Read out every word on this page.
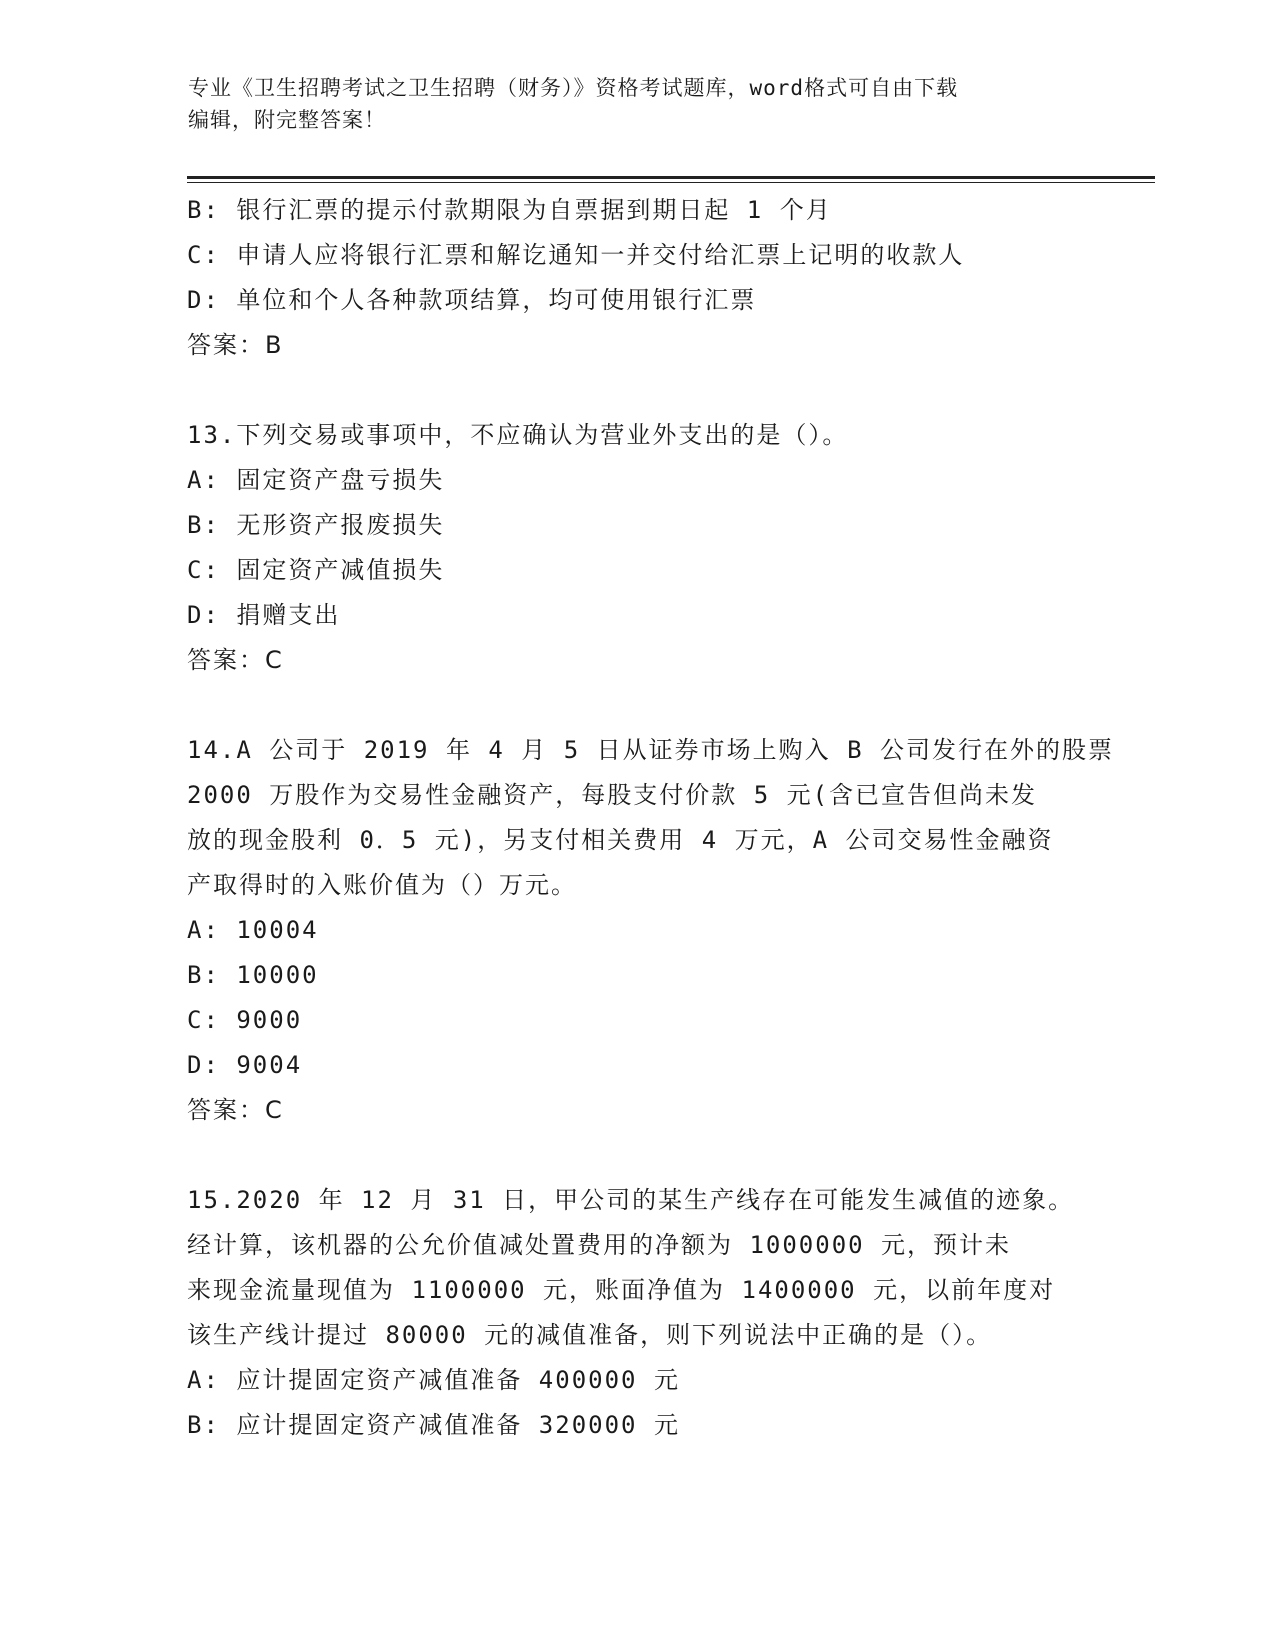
专业《卫生招聘考试之卫生招聘（财务）》资格考试题库，word格式可自由下载
编辑，附完整答案！
B: 银行汇票的提示付款期限为自票据到期日起 1 个月
C: 申请人应将银行汇票和解讫通知一并交付给汇票上记明的收款人
D: 单位和个人各种款项结算，均可使用银行汇票
答案：B
13.下列交易或事项中，不应确认为营业外支出的是（）。
A: 固定资产盘亏损失
B: 无形资产报废损失
C: 固定资产减值损失
D: 捐赠支出
答案：C
14.A 公司于 2019 年 4 月 5 日从证券市场上购入 B 公司发行在外的股票
2000 万股作为交易性金融资产，每股支付价款 5 元(含已宣告但尚未发
放的现金股利 0．5 元)，另支付相关费用 4 万元，A 公司交易性金融资
产取得时的入账价值为（）万元。
A: 10004
B: 10000
C: 9000
D: 9004
答案：C
15.2020 年 12 月 31 日，甲公司的某生产线存在可能发生减值的迹象。
经计算，该机器的公允价值减处置费用的净额为 1000000 元，预计未
来现金流量现值为 1100000 元，账面净值为 1400000 元，以前年度对
该生产线计提过 80000 元的减值准备，则下列说法中正确的是（）。
A: 应计提固定资产减值准备 400000 元
B: 应计提固定资产减值准备 320000 元
